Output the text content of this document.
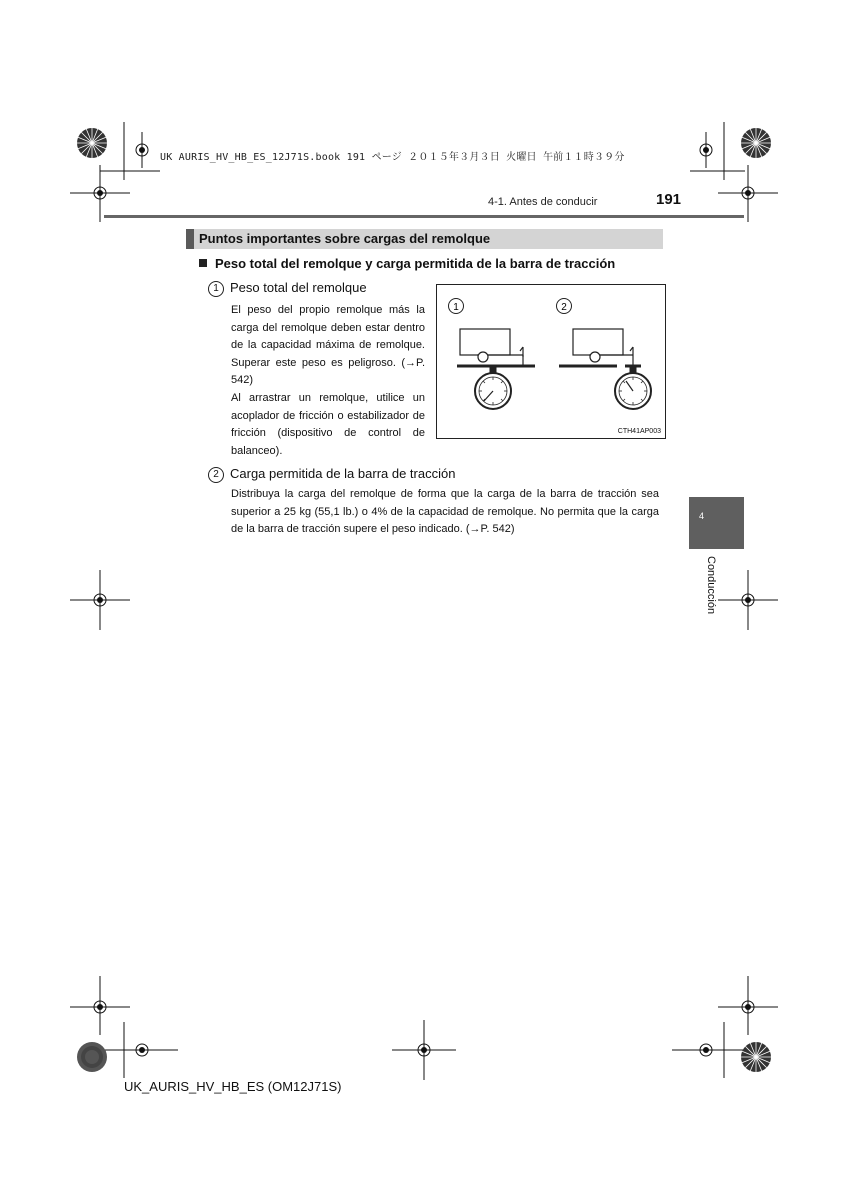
UK AURIS_HV_HB_ES_12J71S.book 191 ページ ２０１５年３月３日 火曜日 午前１１時３９分
4-1. Antes de conducir	191
Puntos importantes sobre cargas del remolque
Peso total del remolque y carga permitida de la barra de tracción
1 Peso total del remolque
El peso del propio remolque más la carga del remolque deben estar dentro de la capacidad máxima de remolque. Superar este peso es peligroso. (→P. 542)
Al arrastrar un remolque, utilice un acoplador de fricción o estabilizador de fricción (dispositivo de control de balanceo).
1	2
CTH41AP003
2 Carga permitida de la barra de tracción
Distribuya la carga del remolque de forma que la carga de la barra de tracción sea superior a 25 kg (55,1 lb.) o 4% de la capacidad de remolque. No permita que la carga de la barra de tracción supere el peso indicado. (→P. 542)
4
Conducción
UK_AURIS_HV_HB_ES (OM12J71S)
